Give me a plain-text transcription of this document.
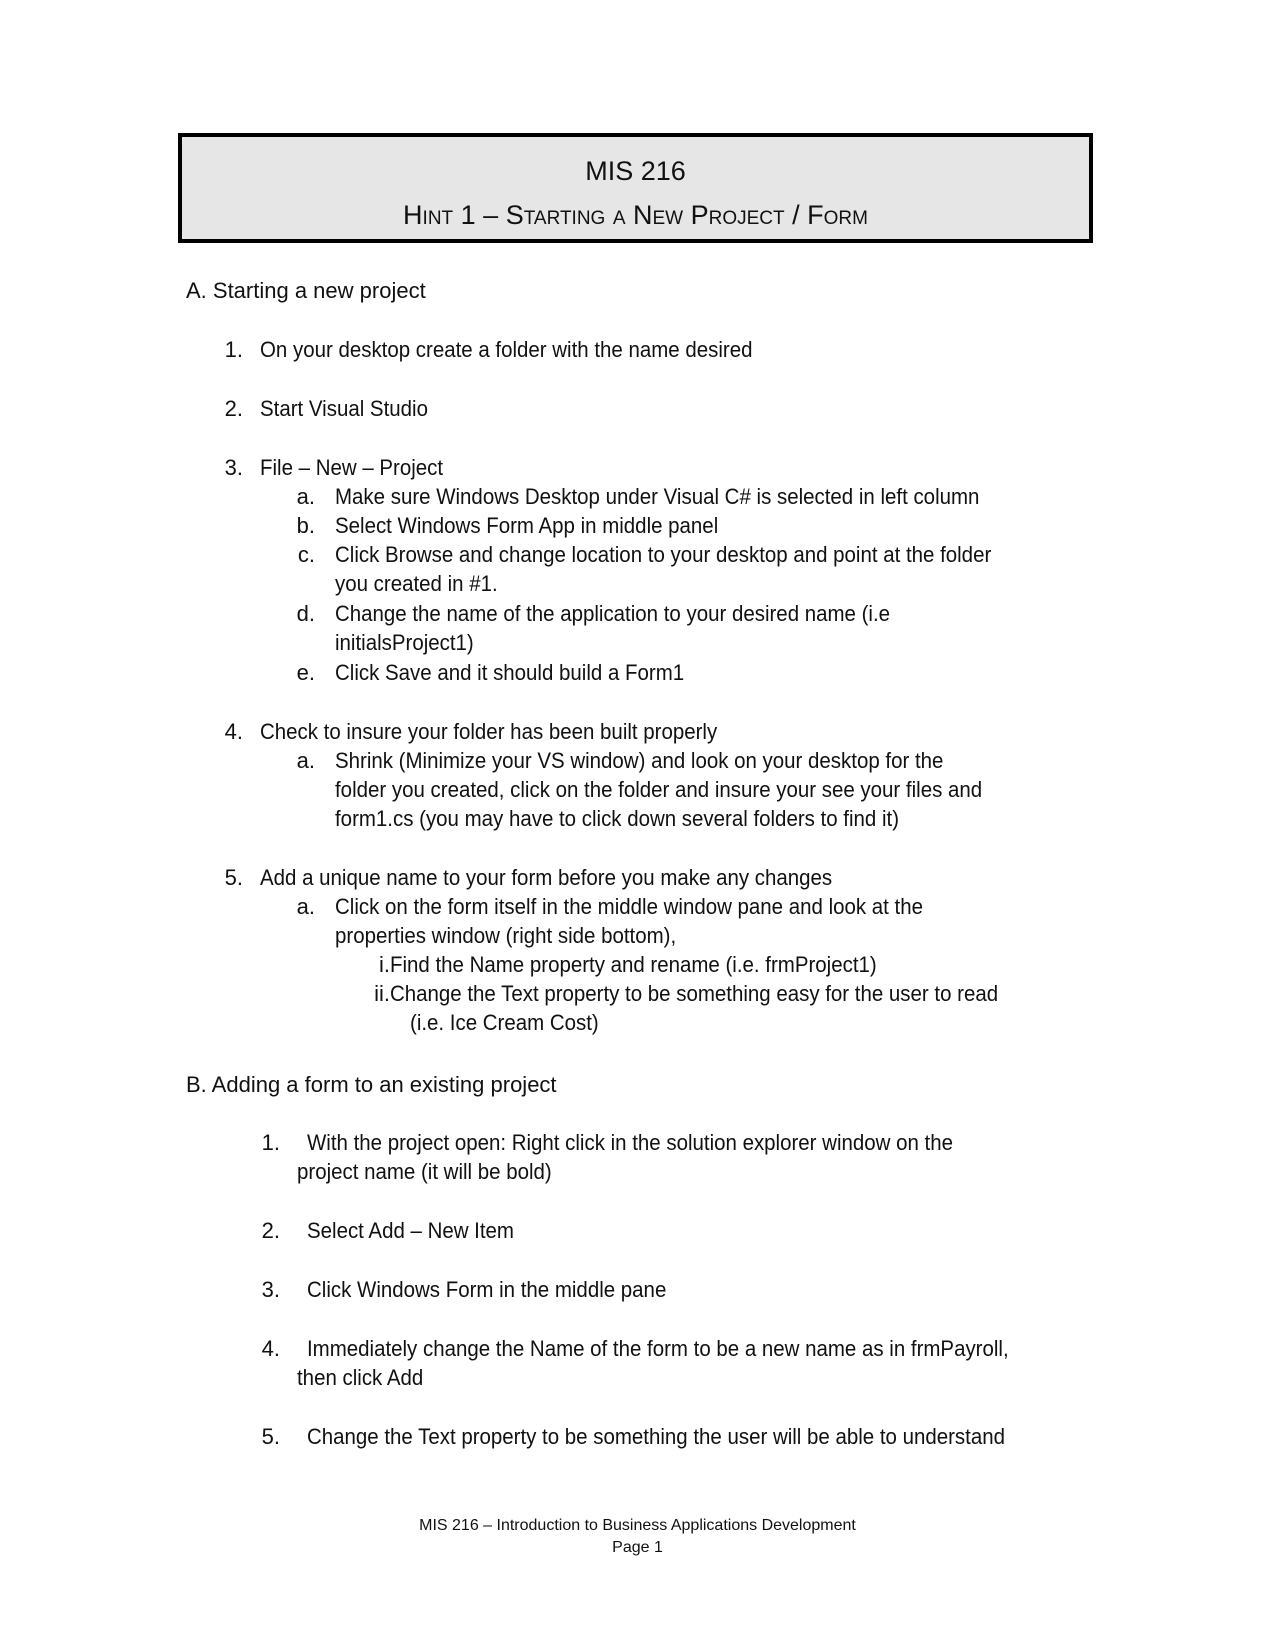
MIS 216
Hint 1 – Starting a New Project / Form
A. Starting a new project
1. On your desktop create a folder with the name desired
2. Start Visual Studio
3. File – New – Project
a. Make sure Windows Desktop under Visual C# is selected in left column
b. Select Windows Form App in middle panel
c. Click Browse and change location to your desktop and point at the folder
you created in #1.
d. Change the name of the application to your desired name (i.e
initialsProject1)
e. Click Save and it should build a Form1
4. Check to insure your folder has been built properly
a. Shrink (Minimize your VS window) and look on your desktop for the
folder you created, click on the folder and insure your see your files and
form1.cs (you may have to click down several folders to find it)
5. Add a unique name to your form before you make any changes
a. Click on the form itself in the middle window pane and look at the
properties window (right side bottom),
i. Find the Name property and rename (i.e. frmProject1)
ii. Change the Text property to be something easy for the user to read
(i.e. Ice Cream Cost)
B. Adding a form to an existing project
1. With the project open: Right click in the solution explorer window on the
project name (it will be bold)
2. Select Add – New Item
3. Click Windows Form in the middle pane
4. Immediately change the Name of the form to be a new name as in frmPayroll,
then click Add
5. Change the Text property to be something the user will be able to understand
MIS 216 – Introduction to Business Applications Development
Page 1
